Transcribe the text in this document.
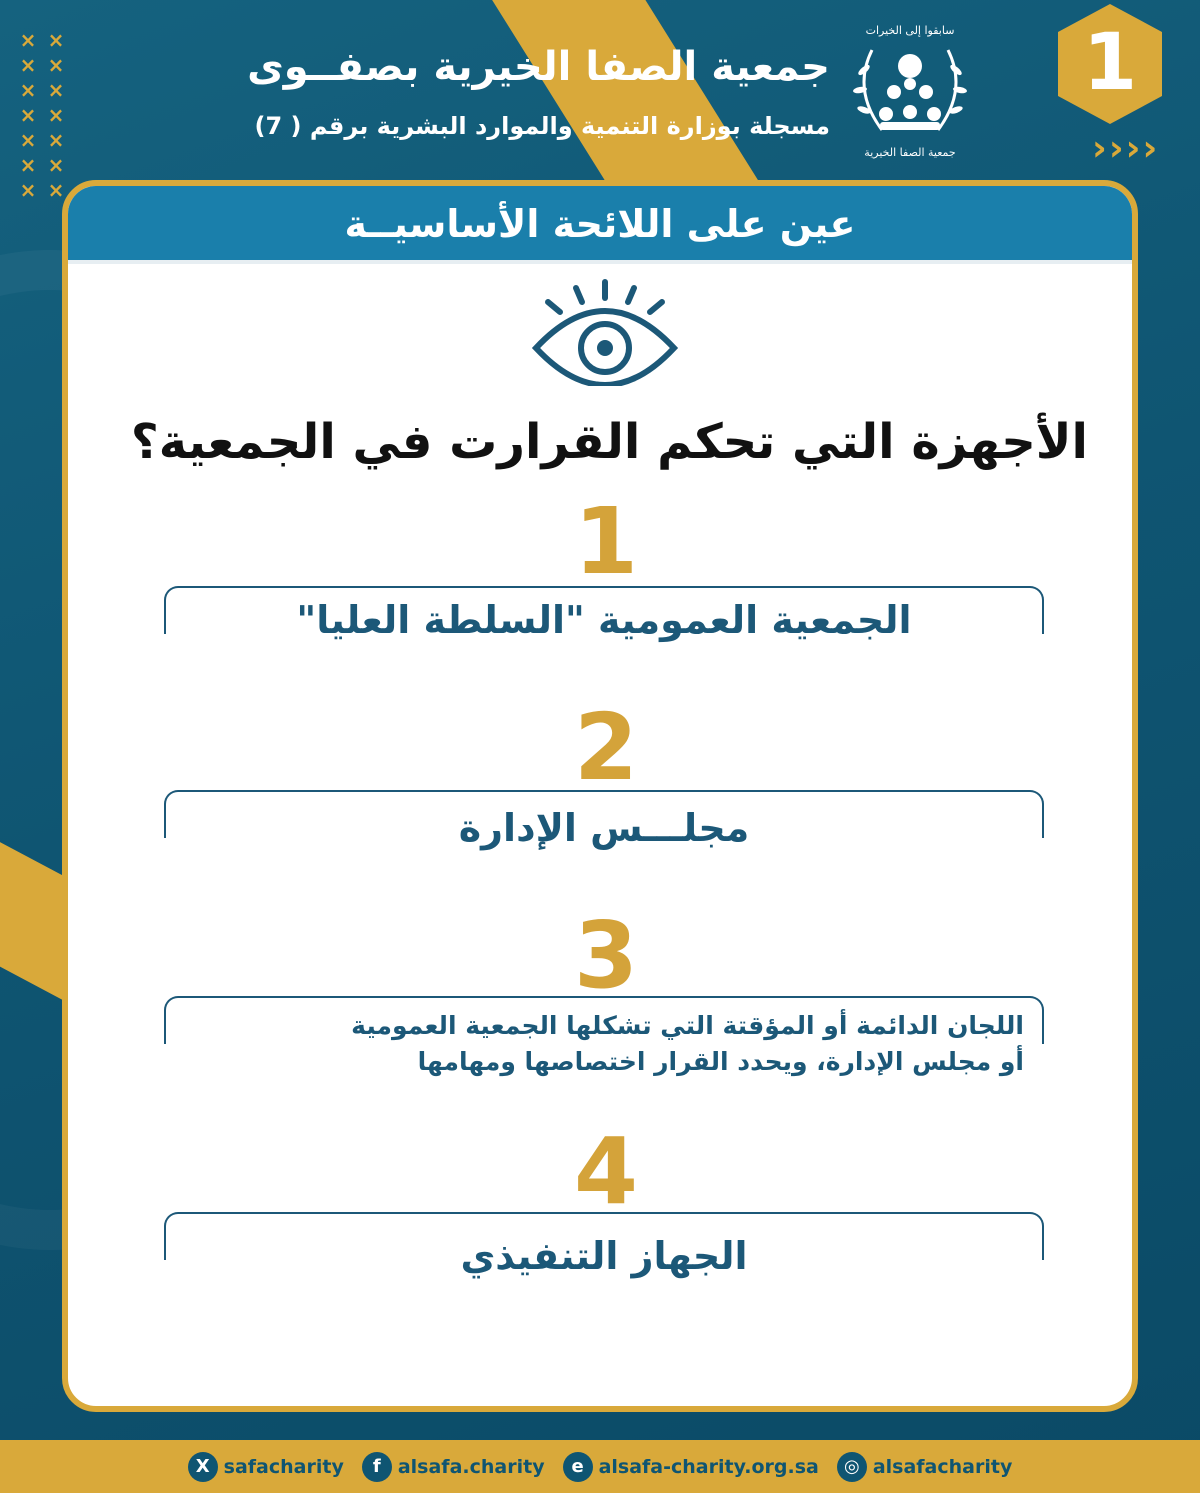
× ×
× ×
× ×
× ×
× ×
× ×
× ×
جمعية الصفا الخيرية بصفــوى
مسجلة بوزارة التنمية والموارد البشرية برقم ( 7)
سابقوا إلى الخيرات
جمعية الصفا الخيرية
1
››››
عين على اللائحة الأساسيــة
الأجهزة التي تحكم القرارت في الجمعية؟
1
الجمعية العمومية "السلطة العليا"
2
مجلـــس الإدارة
3
اللجان الدائمة أو المؤقتة التي تشكلها الجمعية العمومية
أو مجلس الإدارة، ويحدد القرار اختصاصها ومهامها
4
الجهاز التنفيذي
X safacharity	f alsafa.charity	e alsafa-charity.org.sa	◎ alsafacharity
